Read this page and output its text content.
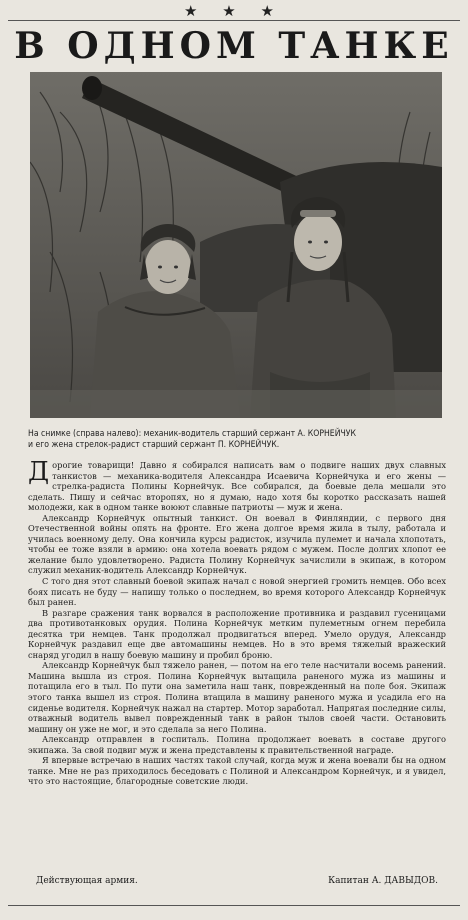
★ ★ ★
В ОДНОМ ТАНКЕ
На снимке (справа налево): механик-водитель старший сержант А. КОРНЕЙЧУК
и его жена стрелок-радист старший сержант П. КОРНЕЙЧУК.

Дорогие товарищи! Давно я собирался написать вам о подвиге наших двух славных танкистов — механика-водителя Александра Исаевича Корнейчука и его жены — стрелка-радиста Полины Корнейчук. Все собирался, да боевые дела мешали это сделать. Пишу и сейчас второпях, но я думаю, надо хотя бы коротко рассказать нашей молодежи, как в одном танке воюют славные патриоты — муж и жена.

Александр Корнейчук опытный танкист. Он воевал в Финляндии, с первого дня Отечественной войны опять на фронте. Его жена долгое время жила в тылу, работала и училась военному делу. Она кончила курсы радисток, изучила пулемет и начала хлопотать, чтобы ее тоже взяли в армию: она хотела воевать рядом с мужем. После долгих хлопот ее желание было удовлетворено. Радиста Полину Корнейчук зачислили в экипаж, в котором служил механик-водитель Александр Корнейчук.

С того дня этот славный боевой экипаж начал с новой энергией громить немцев. Обо всех боях писать не буду — напишу только о последнем, во время которого Александр Корнейчук был ранен.

В разгаре сражения танк ворвался в расположение противника и раздавил гусеницами два противотанковых орудия. Полина Корнейчук метким пулеметным огнем перебила десятка три немцев. Танк продолжал продвигаться вперед. Умело орудуя, Александр Корнейчук раздавил еще две автомашины немцев. Но в это время тяжелый вражеский снаряд угодил в нашу боевую машину и пробил броню.

Александр Корнейчук был тяжело ранен, — потом на его теле насчитали восемь ранений. Машина вышла из строя. Полина Корнейчук вытащила раненого мужа из машины и потащила его в тыл. По пути она заметила наш танк, поврежденный на поле боя. Экипаж этого танка вышел из строя. Полина втащила в машину раненого мужа и усадила его на сиденье водителя. Корнейчук нажал на стартер. Мотор заработал. Напрягая последние силы, отважный водитель вывел поврежденный танк в район тылов своей части. Остановить машину он уже не мог, и это сделала за него Полина.

Александр отправлен в госпиталь. Полина продолжает воевать в составе другого экипажа. За свой подвиг муж и жена представлены к правительственной награде.

Я впервые встречаю в наших частях такой случай, когда муж и жена воевали бы на одном танке. Мне не раз приходилось беседовать с Полиной и Александром Корнейчук, и я увидел, что это настоящие, благородные советские люди.

Действующая армия.	Капитан А. ДАВЫДОВ.
